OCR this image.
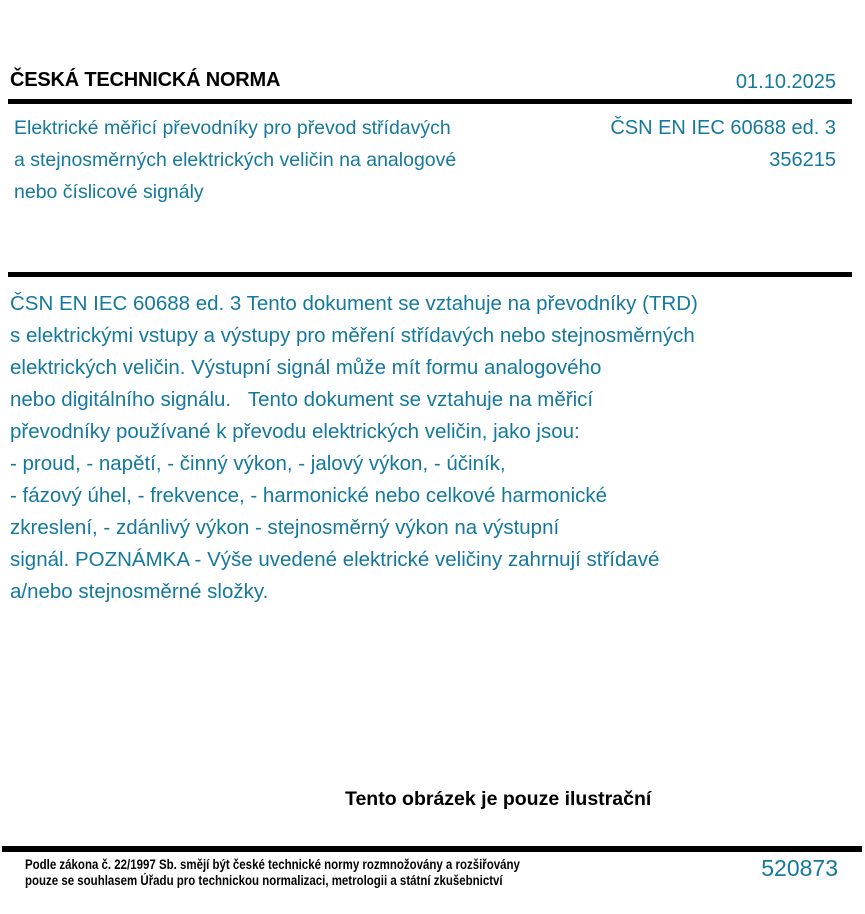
ČESKÁ TECHNICKÁ NORMA	01.10.2025
Elektrické měřicí převodníky pro převod střídavých
a stejnosměrných elektrických veličin na analogové
nebo číslicové signály
ČSN EN IEC 60688 ed. 3
356215
ČSN EN IEC 60688 ed. 3 Tento dokument se vztahuje na převodníky (TRD)
s elektrickými vstupy a výstupy pro měření střídavých nebo stejnosměrných
elektrických veličin. Výstupní signál může mít formu analogového
nebo digitálního signálu.   Tento dokument se vztahuje na měřicí
převodníky používané k převodu elektrických veličin, jako jsou:
- proud, - napětí, - činný výkon, - jalový výkon, - účiník,
- fázový úhel, - frekvence, - harmonické nebo celkové harmonické
zkreslení, - zdánlivý výkon - stejnosměrný výkon na výstupní
signál. POZNÁMKA - Výše uvedené elektrické veličiny zahrnují střídavé
a/nebo stejnosměrné složky.
Tento obrázek je pouze ilustrační
Podle zákona č. 22/1997 Sb. smějí být české technické normy rozmnožovány a rozšiřovány
pouze se souhlasem Úřadu pro technickou normalizaci, metrologii a státní zkušebnictví	520873
